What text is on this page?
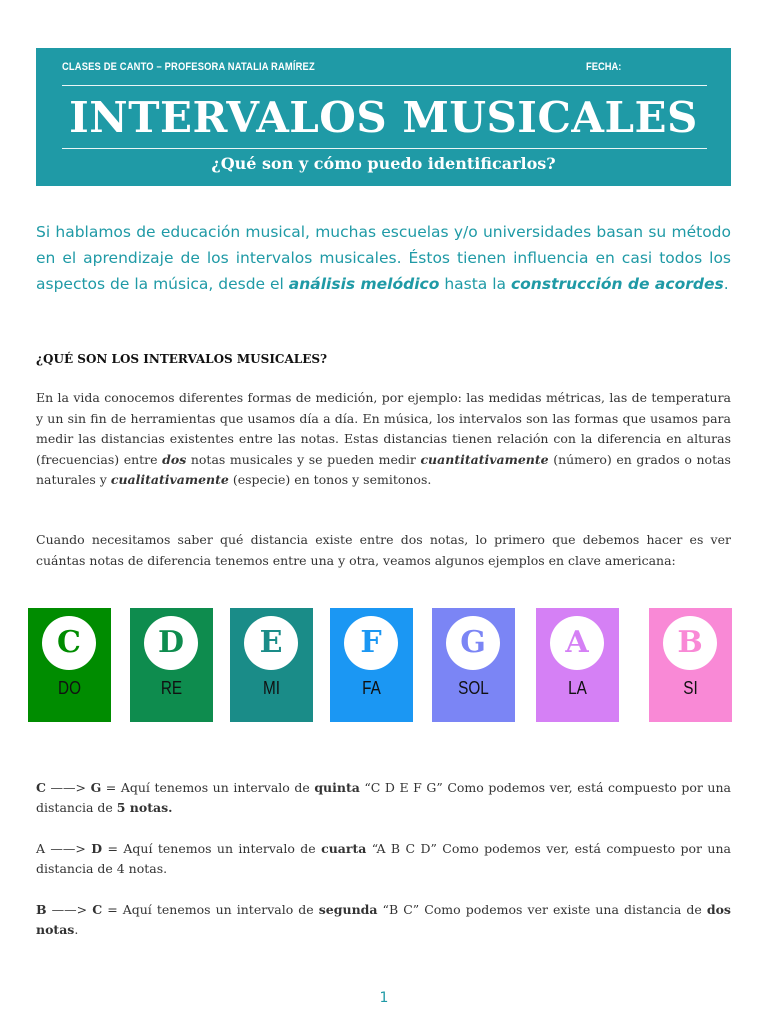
CLASES DE CANTO – PROFESORA NATALIA RAMÍREZ	FECHA:
INTERVALOS MUSICALES
¿Qué son y cómo puedo identificarlos?
Si hablamos de educación musical, muchas escuelas y/o universidades basan su método en el aprendizaje de los intervalos musicales. Éstos tienen influencia en casi todos los aspectos de la música, desde el análisis melódico hasta la construcción de acordes.
¿QUÉ SON LOS INTERVALOS MUSICALES?
En la vida conocemos diferentes formas de medición, por ejemplo: las medidas métricas, las de temperatura y un sin fin de herramientas que usamos día a día. En música, los intervalos son las formas que usamos para medir las distancias existentes entre las notas. Estas distancias tienen relación con la diferencia en alturas (frecuencias) entre dos notas musicales y se pueden medir cuantitativamente (número) en grados o notas naturales y cualitativamente (especie) en tonos y semitonos.
Cuando necesitamos saber qué distancia existe entre dos notas, lo primero que debemos hacer es ver cuántas notas de diferencia tenemos entre una y otra, veamos algunos ejemplos en clave americana:
C
DO
D
RE
E
MI
F
FA
G
SOL
A
LA
B
SI
C ——> G = Aquí tenemos un intervalo de quinta “C D E F G” Como podemos ver, está compuesto por una distancia de 5 notas.
A ——> D = Aquí tenemos un intervalo de cuarta “A B C D” Como podemos ver, está compuesto por una distancia de 4 notas.
B ——> C = Aquí tenemos un intervalo de segunda “B C” Como podemos ver existe una distancia de dos notas.
1
